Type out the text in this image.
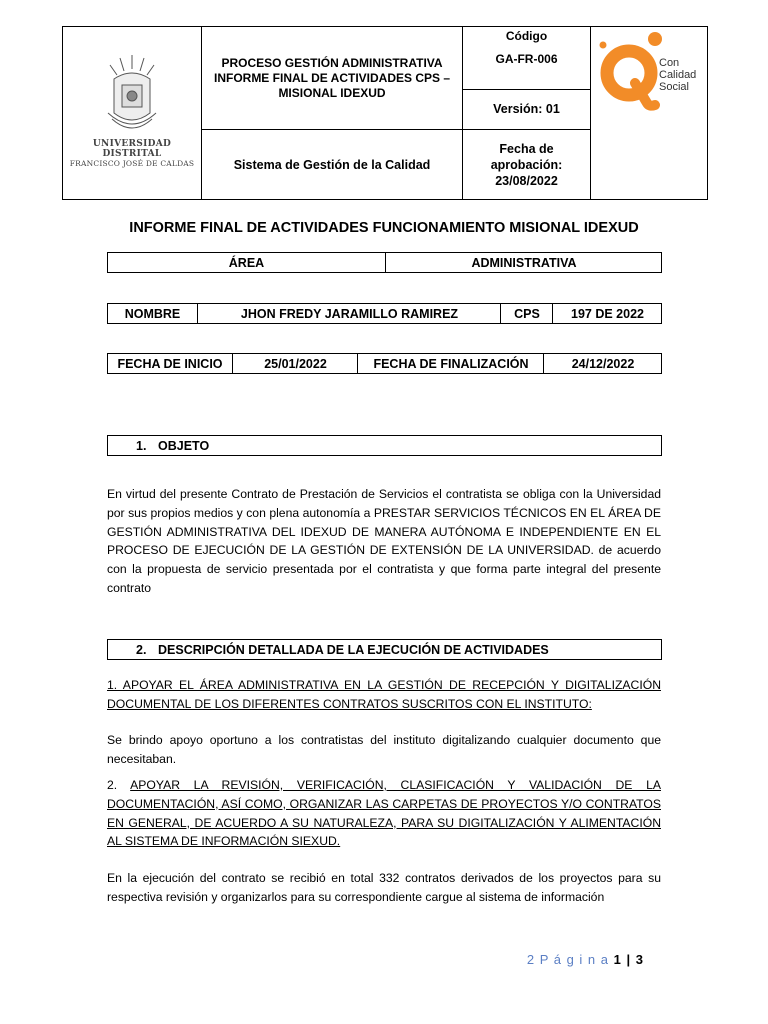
UNIVERSIDAD DISTRITAL
FRANCISCO JOSÉ DE CALDAS
PROCESO GESTIÓN ADMINISTRATIVA INFORME FINAL DE ACTIVIDADES CPS – MISIONAL IDEXUD
Sistema de Gestión de la Calidad
Código
GA-FR-006
Versión: 01
Fecha de aprobación:
23/08/2022
Con
Calidad
Social
INFORME FINAL DE ACTIVIDADES FUNCIONAMIENTO MISIONAL IDEXUD
ÁREA	ADMINISTRATIVA
NOMBRE	JHON FREDY JARAMILLO RAMIREZ	CPS	197 DE 2022
FECHA DE INICIO	25/01/2022	FECHA DE FINALIZACIÓN	24/12/2022
1. OBJETO
En virtud del presente Contrato de Prestación de Servicios el contratista se obliga con la Universidad por sus propios medios y con plena autonomía a PRESTAR SERVICIOS TÉCNICOS EN EL ÁREA DE GESTIÓN ADMINISTRATIVA DEL IDEXUD DE MANERA AUTÓNOMA E INDEPENDIENTE EN EL PROCESO DE EJECUCIÓN DE LA GESTIÓN DE EXTENSIÓN DE LA UNIVERSIDAD. de acuerdo con la propuesta de servicio presentada por el contratista y que forma parte integral del presente contrato
2. DESCRIPCIÓN DETALLADA DE LA EJECUCIÓN DE ACTIVIDADES
1. APOYAR EL ÁREA ADMINISTRATIVA EN LA GESTIÓN DE RECEPCIÓN Y DIGITALIZACIÓN DOCUMENTAL DE LOS DIFERENTES CONTRATOS SUSCRITOS CON EL INSTITUTO:
Se brindo apoyo oportuno a los contratistas del instituto digitalizando cualquier documento que necesitaban.
2. APOYAR LA REVISIÓN, VERIFICACIÓN, CLASIFICACIÓN Y VALIDACIÓN DE LA DOCUMENTACIÓN, ASÍ COMO, ORGANIZAR LAS CARPETAS DE PROYECTOS Y/O CONTRATOS EN GENERAL, DE ACUERDO A SU NATURALEZA, PARA SU DIGITALIZACIÓN Y ALIMENTACIÓN AL SISTEMA DE INFORMACIÓN SIEXUD.
En la ejecución del contrato se recibió en total 332 contratos derivados de los proyectos para su respectiva revisión y organizarlos para su correspondiente cargue al sistema de información
2 P á g i n a 1 | 3
